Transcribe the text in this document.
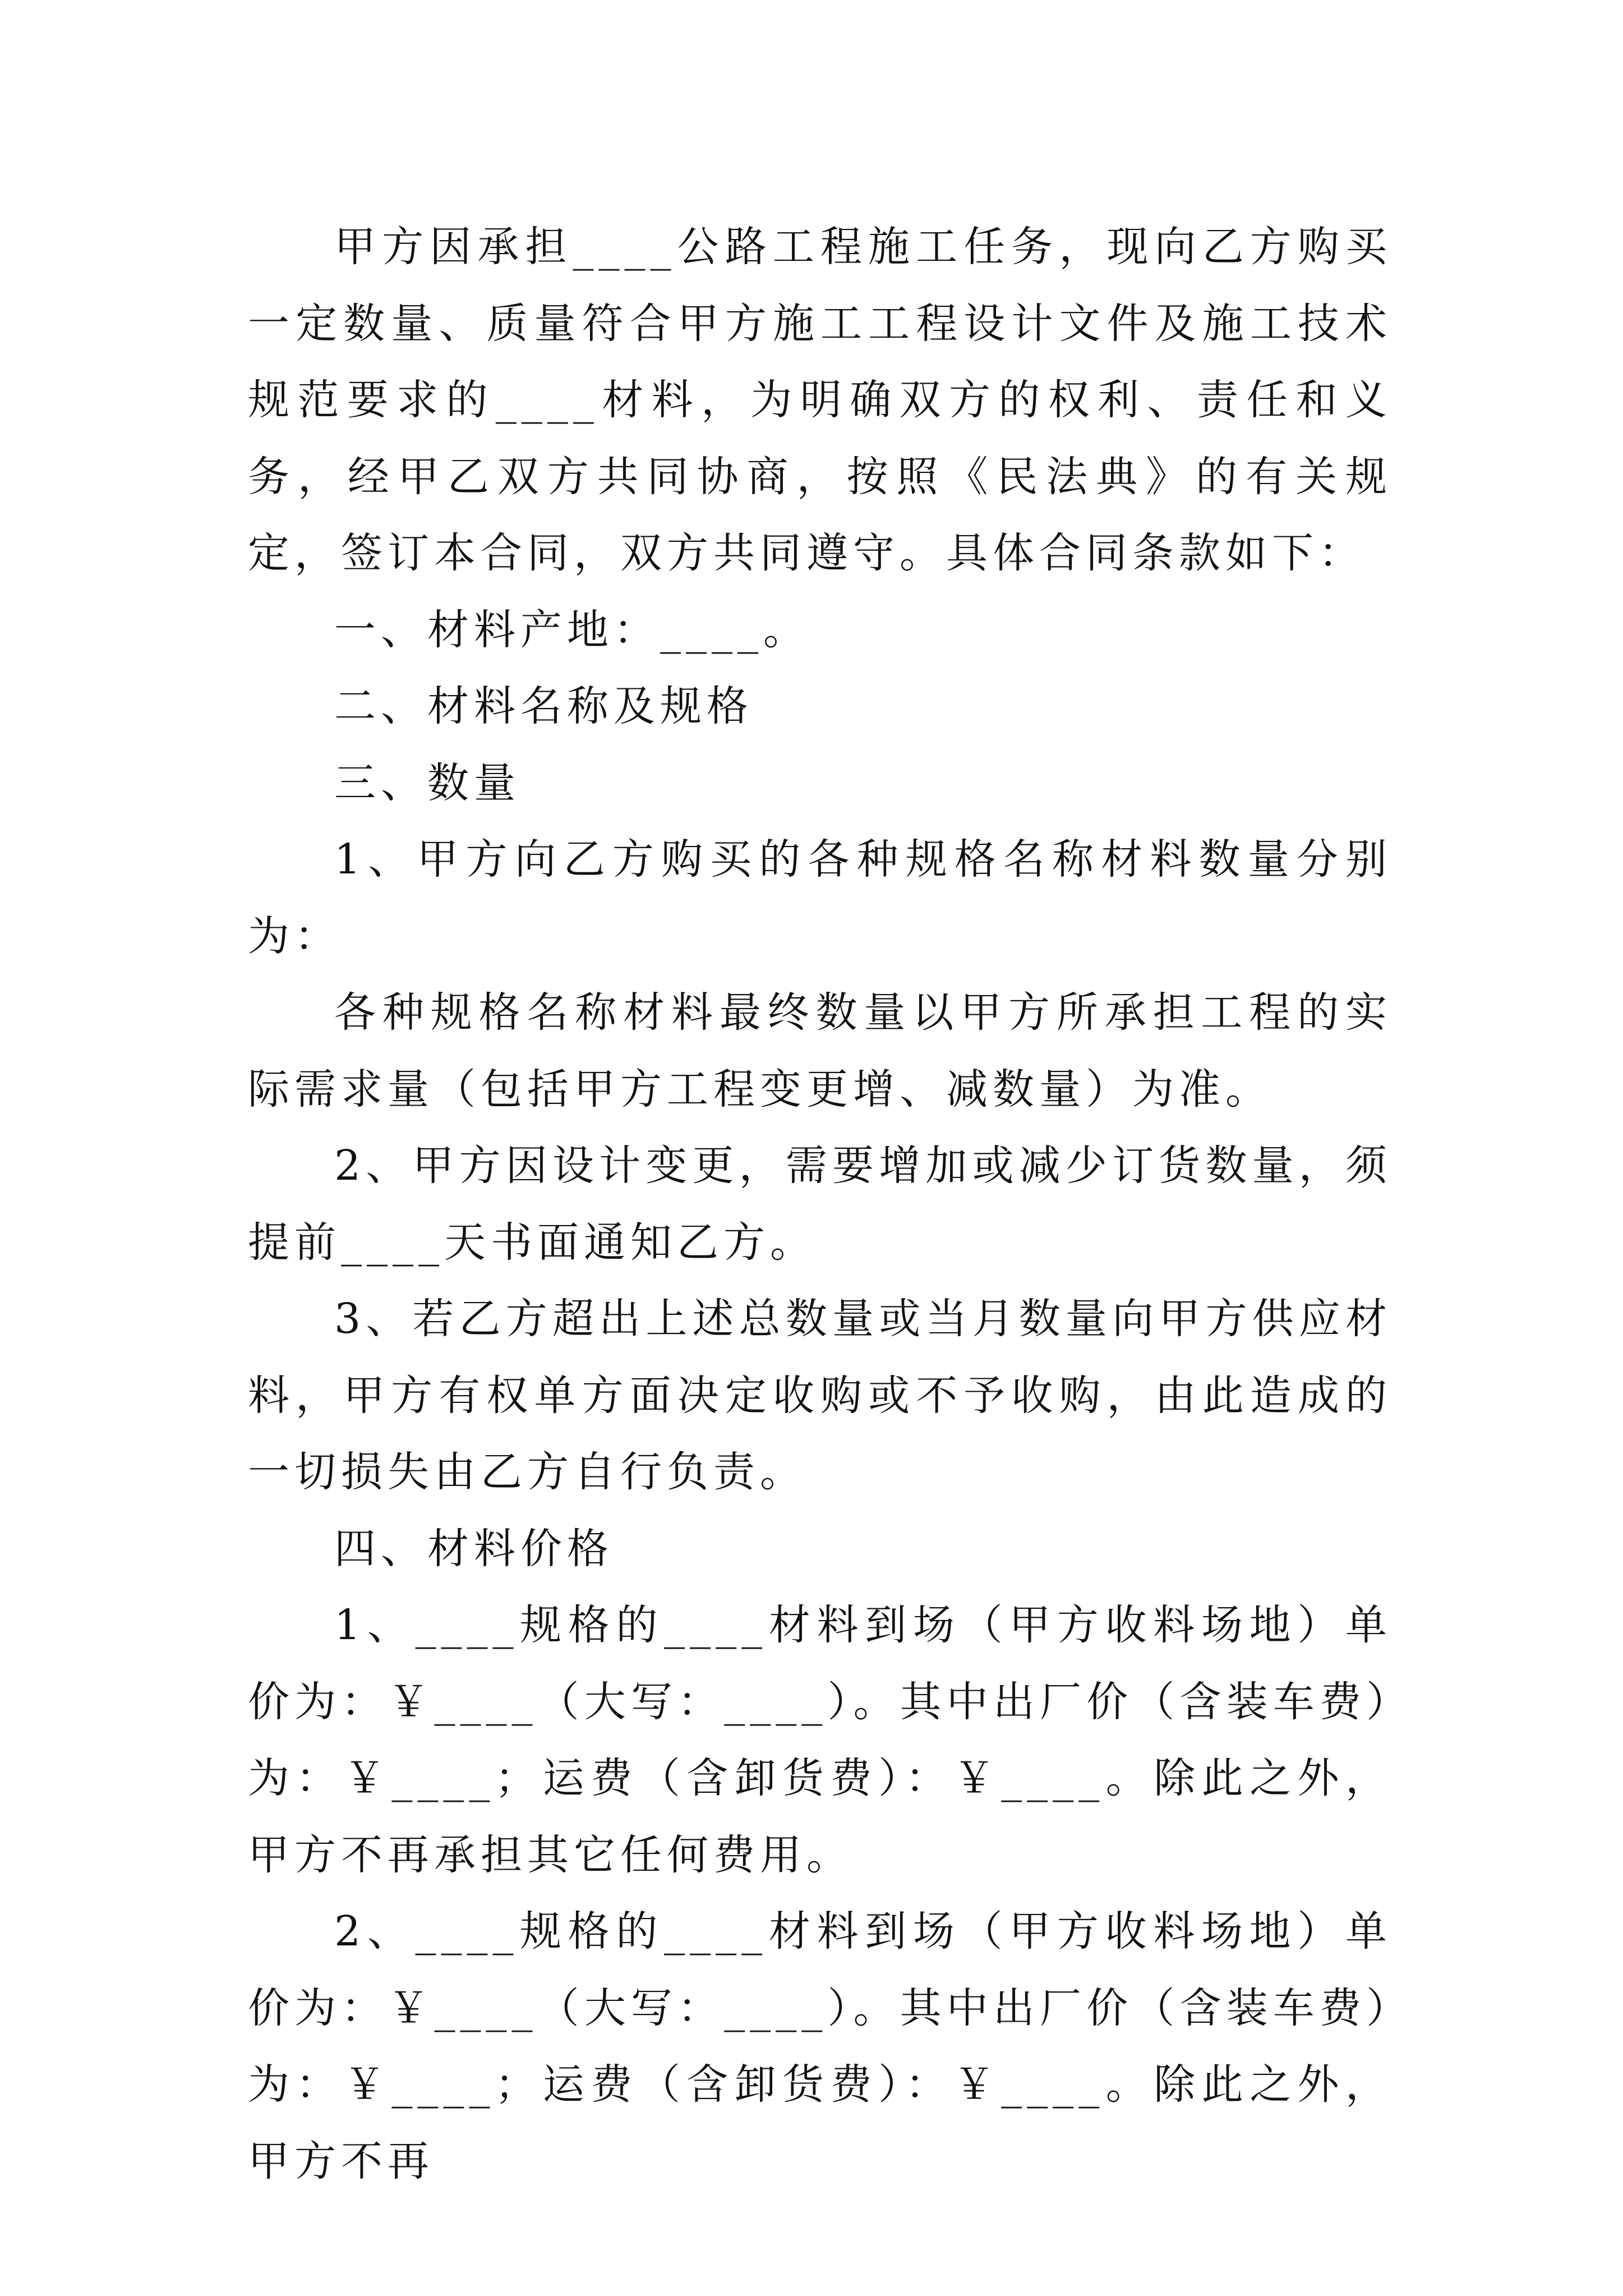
甲方因承担____公路工程施工任务，现向乙方购买一定数量、质量符合甲方施工工程设计文件及施工技术规范要求的____材料，为明确双方的权利、责任和义务，经甲乙双方共同协商，按照《民法典》的有关规定，签订本合同，双方共同遵守。具体合同条款如下：

一、材料产地：____。

二、材料名称及规格

三、数量

1、甲方向乙方购买的各种规格名称材料数量分别为：

各种规格名称材料最终数量以甲方所承担工程的实际需求量（包括甲方工程变更增、减数量）为准。

2、甲方因设计变更，需要增加或减少订货数量，须提前____天书面通知乙方。

3、若乙方超出上述总数量或当月数量向甲方供应材料，甲方有权单方面决定收购或不予收购，由此造成的一切损失由乙方自行负责。

四、材料价格

1、____规格的____材料到场（甲方收料场地）单价为：￥____（大写：____）。其中出厂价（含装车费）为：￥____；运费（含卸货费）：￥____。除此之外，甲方不再承担其它任何费用。

2、____规格的____材料到场（甲方收料场地）单价为：￥____（大写：____）。其中出厂价（含装车费）为：￥____；运费（含卸货费）：￥____。除此之外，甲方不再
